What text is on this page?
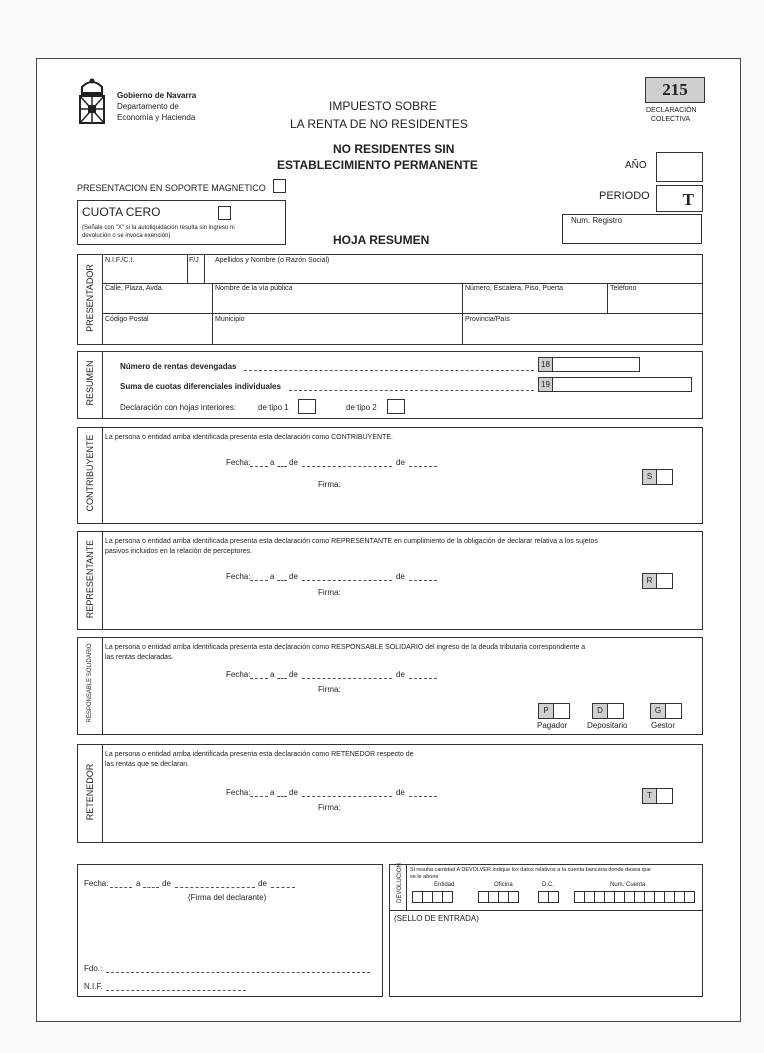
Gobierno de Navarra
Departamento de
Economía y Hacienda
IMPUESTO SOBRE
LA RENTA DE NO RESIDENTES
NO RESIDENTES SIN
ESTABLECIMIENTO PERMANENTE
215
DECLARACIÓN
COLECTIVA
AÑO
PERIODO T
Num. Registro
PRESENTACION EN SOPORTE MAGNETICO
CUOTA CERO
(Señale con "X" si la autoliquidación resulta sin ingreso ni
devolución o se invoca exención)	HOJA RESUMEN
PRESENTADOR
N.I.F./C.I.	F/J Apellidos y Nombre (o Razón Social)
Calle, Plaza, Avda.	Nombre de la vía pública	Número, Escalera, Piso, Puerta	Teléfono
Código Postal	Municipio	Provincia/País
RESUMEN	Número de rentas devengadas	18
Suma de cuotas diferenciales individuales	19
Declaración con hojas interiores:	de tipo 1	de tipo 2
CONTRIBUYENTE La persona o entidad arriba identificada presenta esta declaración como CONTRIBUYENTE.
Fecha: a de	de
Firma:
S
REPRESENTANTE La persona o entidad arriba identificada presenta esta declaración como REPRESENTANTE en cumplimiento de la obligación de declarar relativa a los sujetos
pasivos incluidos en la relación de perceptores.
Fecha: a de	de
Firma:
R
RESPONSABLE SOLIDARIO La persona o entidad arriba identificada presenta esta declaración como RESPONSABLE SOLIDARIO del ingreso de la deuda tributaria correspondiente a
las rentas declaradas.
Fecha: a de	de
Firma:
P
Pagador
D
Depositario
G
Gestor
RETENEDOR
La persona o entidad arriba identificada presenta esta declaración como RETENEDOR respecto de
las rentas que se declaran.
Fecha: a de	de
Firma:
T
Fecha:	a	de	de
(Firma del declarante)
Fdo.:
N.I.F.
DEVOLUCION Si resulta cantidad A DEVOLVER indique los datos relativos a la cuenta bancaria donde desea que
se le abone
Entidad	Oficina	D.C.	Num. Cuenta
(SELLO DE ENTRADA)
